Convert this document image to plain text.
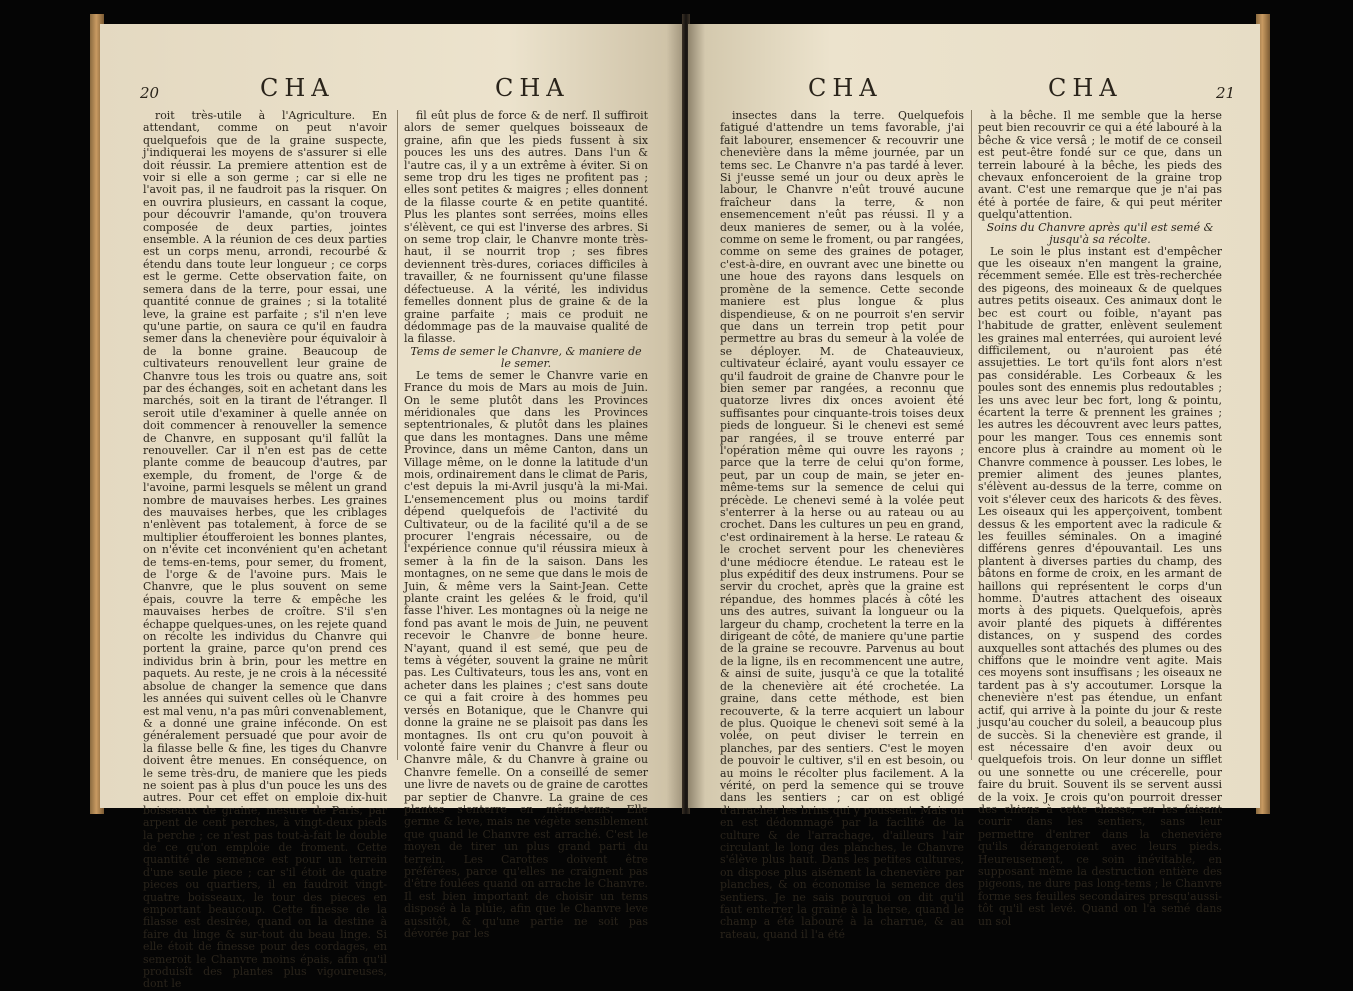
20	CHA	CHA

roit très-utile à l'Agriculture. En attendant, comme on peut n'avoir quelquefois que de la graine suspecte, j'indiquerai les moyens de s'assurer si elle doit réussir. La premiere attention est de voir si elle a son germe ; car si elle ne l'avoit pas, il ne faudroit pas la risquer. On en ouvrira plusieurs, en cassant la coque, pour découvrir l'amande, qu'on trouvera composée de deux parties, jointes ensemble. A la réunion de ces deux parties est un corps menu, arrondi, recourbé & étendu dans toute leur longueur ; ce corps est le germe. Cette observation faite, on semera dans de la terre, pour essai, une quantité connue de graines ; si la totalité leve, la graine est parfaite ; s'il n'en leve qu'une partie, on saura ce qu'il en faudra semer dans la chenevière pour équivaloir à de la bonne graine. Beaucoup de cultivateurs renouvellent leur graine de Chanvre tous les trois ou quatre ans, soit par des échanges, soit en achetant dans les marchés, soit en la tirant de l'étranger. Il seroit utile d'examiner à quelle année on doit commencer à renouveller la semence de Chanvre, en supposant qu'il fallût la renouveller. Car il n'en est pas de cette plante comme de beaucoup d'autres, par exemple, du froment, de l'orge & de l'avoine, parmi lesquels se mêlent un grand nombre de mauvaises herbes. Les graines des mauvaises herbes, que les criblages n'enlèvent pas totalement, à force de se multiplier étoufferoient les bonnes plantes, on n'évite cet inconvénient qu'en achetant de tems-en-tems, pour semer, du froment, de l'orge & de l'avoine purs. Mais le Chanvre, que le plus souvent on seme épais, couvre la terre & empêche les mauvaises herbes de croître. S'il s'en échappe quelques-unes, on les rejete quand on récolte les individus du Chanvre qui portent la graine, parce qu'on prend ces individus brin à brin, pour les mettre en paquets. Au reste, je ne crois à la nécessité absolue de changer la semence que dans les années qui suivent celles où le Chanvre est mal venu, n'a pas mûri convenablement, & a donné une graine inféconde. On est généralement persuadé que pour avoir de la filasse belle & fine, les tiges du Chanvre doivent être menues. En conséquence, on le seme très-dru, de maniere que les pieds ne soient pas à plus d'un pouce les uns des autres. Pour cet effet on emploie dix-huit boisseaux de graine, mesure de Paris, par arpent de cent perches, à vingt-deux pieds la perche ; ce n'est pas tout-à-fait le double de ce qu'on emploie de froment. Cette quantité de semence est pour un terrein d'une seule piece ; car s'il étoit de quatre pieces ou quartiers, il en faudroit vingt-quatre boisseaux, le tour des pieces en emportant beaucoup. Cette finesse de la filasse est desirée, quand on la destine à faire du linge & sur-tout du beau linge. Si elle étoit de finesse pour des cordages, en semeroit le Chanvre moins épais, afin qu'il produisît des plantes plus vigoureuses, dont le

fil eût plus de force & de nerf. Il suffiroit alors de semer quelques boisseaux de graine, afin que les pieds fussent à six pouces les uns des autres. Dans l'un & l'autre cas, il y a un extrême à éviter. Si on seme trop dru les tiges ne profitent pas ; elles sont petites & maigres ; elles donnent de la filasse courte & en petite quantité. Plus les plantes sont serrées, moins elles s'élèvent, ce qui est l'inverse des arbres. Si on seme trop clair, le Chanvre monte très-haut, il se nourrit trop ; ses fibres deviennent très-dures, coriaces difficiles à travailler, & ne fournissent qu'une filasse défectueuse. A la vérité, les individus femelles donnent plus de graine & de la graine parfaite ; mais ce produit ne dédommage pas de la mauvaise qualité de la filasse.

Tems de semer le Chanvre, & maniere de le semer.

Le tems de semer le Chanvre varie en France du mois de Mars au mois de Juin. On le seme plutôt dans les Provinces méridionales que dans les Provinces septentrionales, & plutôt dans les plaines que dans les montagnes. Dans une même Province, dans un même Canton, dans un Village même, on le donne la latitude d'un mois, ordinairement dans le climat de Paris, c'est depuis la mi-Avril jusqu'à la mi-Mai. L'ensemencement plus ou moins tardif dépend quelquefois de l'activité du Cultivateur, ou de la facilité qu'il a de se procurer l'engrais nécessaire, ou de l'expérience connue qu'il réussira mieux à semer à la fin de la saison. Dans les montagnes, on ne seme que dans le mois de Juin, & même vers la Saint-Jean. Cette plante craint les gelées & le froid, qu'il fasse l'hiver. Les montagnes où la neige ne fond pas avant le mois de Juin, ne peuvent recevoir le Chanvre de bonne heure. N'ayant, quand il est semé, que peu de tems à végéter, souvent la graine ne mûrit pas. Les Cultivateurs, tous les ans, vont en acheter dans les plaines ; c'est sans doute ce qui a fait croire à des hommes peu versés en Botanique, que le Chanvre qui donne la graine ne se plaisoit pas dans les montagnes. Ils ont cru qu'on pouvoit à volonté faire venir du Chanvre à fleur ou Chanvre mâle, & du Chanvre à graine ou Chanvre femelle. On a conseillé de semer une livre de navets ou de graine de carottes par septier de Chanvre. La graine de ces plantes s'enterre en même-tems. Elle germe & leve, mais ne végète sensiblement que quand le Chanvre est arraché. C'est le moyen de tirer un plus grand parti du terrein. Les Carottes doivent être préférées, parce qu'elles ne craignent pas d'être foulées quand on arrache le Chanvre. Il est bien important de choisir un tems disposé à la pluie, afin que le Chanvre leve aussitôt, & qu'une partie ne soit pas dévorée par les

CHA	CHA	21

insectes dans la terre. Quelquefois fatigué d'attendre un tems favorable, j'ai fait labourer, ensemencer & recouvrir une chenevière dans la même journée, par un tems sec. Le Chanvre n'a pas tardé à lever. Si j'eusse semé un jour ou deux après le labour, le Chanvre n'eût trouvé aucune fraîcheur dans la terre, & non ensemencement n'eût pas réussi. Il y a deux manieres de semer, ou à la volée, comme on seme le froment, ou par rangées, comme on seme des graines de potager, c'est-à-dire, en ouvrant avec une binette ou une houe des rayons dans lesquels on promène de la semence. Cette seconde maniere est plus longue & plus dispendieuse, & on ne pourroit s'en servir que dans un terrein trop petit pour permettre au bras du semeur à la volée de se déployer. M. de Chateauvieux, cultivateur éclairé, ayant voulu essayer ce qu'il faudroit de graine de Chanvre pour le bien semer par rangées, a reconnu que quatorze livres dix onces avoient été suffisantes pour cinquante-trois toises deux pieds de longueur. Si le chenevi est semé par rangées, il se trouve enterré par l'opération même qui ouvre les rayons ; parce que la terre de celui qu'on forme, peut, par un coup de main, se jeter en-même-tems sur la semence de celui qui précède. Le chenevi semé à la volée peut s'enterrer à la herse ou au rateau ou au crochet. Dans les cultures un peu en grand, c'est ordinairement à la herse. Le rateau & le crochet servent pour les chenevières d'une médiocre étendue. Le rateau est le plus expéditif des deux instrumens. Pour se servir du crochet, après que la graine est répandue, des hommes placés à côté les uns des autres, suivant la longueur ou la largeur du champ, crochetent la terre en la dirigeant de côté, de maniere qu'une partie de la graine se recouvre. Parvenus au bout de la ligne, ils en recommencent une autre, & ainsi de suite, jusqu'à ce que la totalité de la chenevière ait été crochetée. La graine, dans cette méthode, est bien recouverte, & la terre acquiert un labour de plus. Quoique le chenevi soit semé à la volée, on peut diviser le terrein en planches, par des sentiers. C'est le moyen de pouvoir le cultiver, s'il en est besoin, ou au moins le récolter plus facilement. A la vérité, on perd la semence qui se trouve dans les sentiers ; car on est obligé d'arracher les brins qui y poussent. Mais on en est dédommagé par la facilité de la culture & de l'arrachage, d'ailleurs l'air circulant le long des planches, le Chanvre s'élève plus haut. Dans les petites cultures, on dispose plus aisément la chenevière par planches, & on économise la semence des sentiers. Je ne sais pourquoi on dit qu'il faut enterrer la graine à la herse, quand le champ a été labouré à la charrue, & au rateau, quand il l'a été

à la bêche. Il me semble que la herse peut bien recouvrir ce qui a été labouré à la bêche & vice versâ ; le motif de ce conseil est peut-être fondé sur ce que, dans un terrein labouré à la bêche, les pieds des chevaux enfonceroient de la graine trop avant. C'est une remarque que je n'ai pas été à portée de faire, & qui peut mériter quelqu'attention.

Soins du Chanvre après qu'il est semé & jusqu'à sa récolte.

Le soin le plus instant est d'empêcher que les oiseaux n'en mangent la graine, récemment semée. Elle est très-recherchée des pigeons, des moineaux & de quelques autres petits oiseaux. Ces animaux dont le bec est court ou foible, n'ayant pas l'habitude de gratter, enlèvent seulement les graines mal enterrées, qui auroient levé difficilement, ou n'auroient pas été assujetties. Le tort qu'ils font alors n'est pas considérable. Les Corbeaux & les poules sont des ennemis plus redoutables ; les uns avec leur bec fort, long & pointu, écartent la terre & prennent les graines ; les autres les découvrent avec leurs pattes, pour les manger. Tous ces ennemis sont encore plus à craindre au moment où le Chanvre commence à pousser. Les lobes, le premier aliment des jeunes plantes, s'élèvent au-dessus de la terre, comme on voit s'élever ceux des haricots & des fèves. Les oiseaux qui les apperçoivent, tombent dessus & les emportent avec la radicule & les feuilles séminales. On a imaginé différens genres d'épouvantail. Les uns plantent à diverses parties du champ, des bâtons en forme de croix, en les armant de haillons qui représentent le corps d'un homme. D'autres attachent des oiseaux morts à des piquets. Quelquefois, après avoir planté des piquets à différentes distances, on y suspend des cordes auxquelles sont attachés des plumes ou des chiffons que le moindre vent agite. Mais ces moyens sont insuffisans ; les oiseaux ne tardent pas à s'y accoutumer. Lorsque la chenevière n'est pas étendue, un enfant actif, qui arrive à la pointe du jour & reste jusqu'au coucher du soleil, a beaucoup plus de succès. Si la chenevière est grande, il est nécessaire d'en avoir deux ou quelquefois trois. On leur donne un sifflet ou une sonnette ou une crécerelle, pour faire du bruit. Souvent ils se servent aussi de la voix. Je crois qu'on pourroit dresser des chiens à cette chasse, en les faisant courir dans les sentiers, sans leur permettre d'entrer dans la chenevière qu'ils dérangeroient avec leurs pieds. Heureusement, ce soin inévitable, en supposant même la destruction entière des pigeons, ne dure pas long-tems ; le Chanvre forme ses feuilles secondaires presqu'aussi-tôt qu'il est levé. Quand on l'a semé dans un sol
